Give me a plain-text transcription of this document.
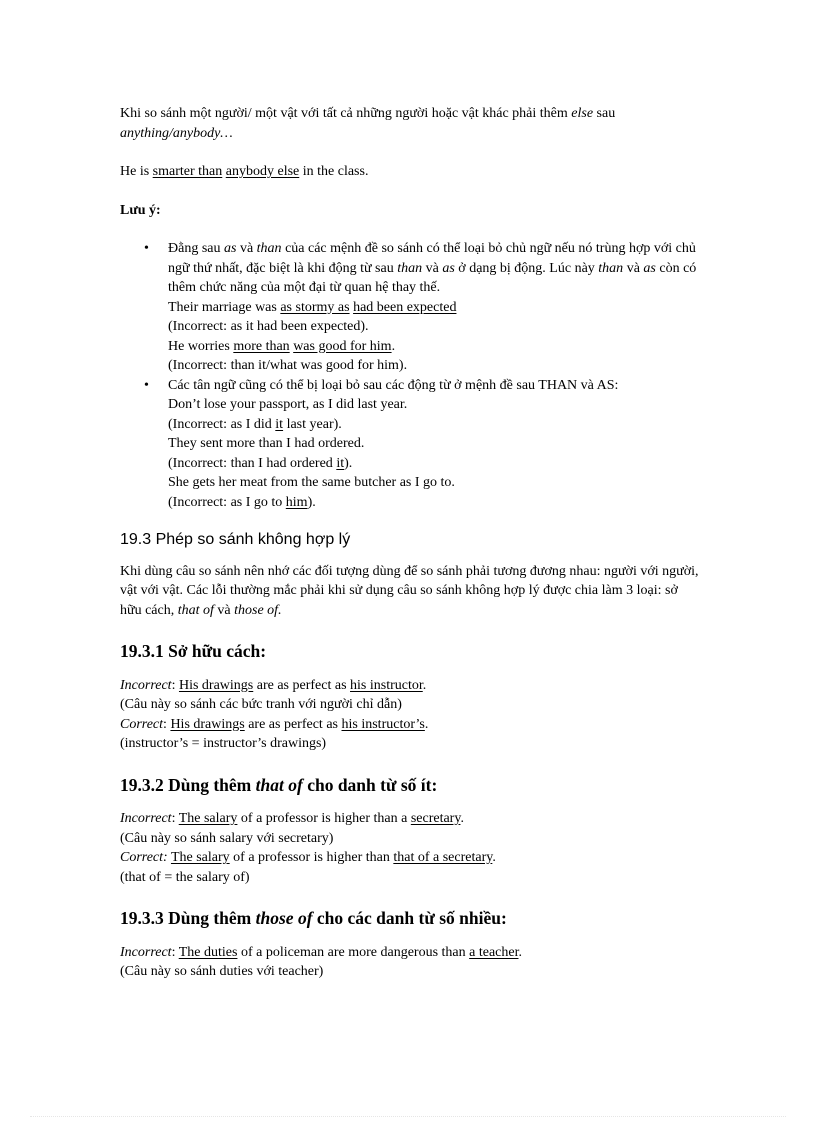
Khi so sánh một người/ một vật với tất cả những người hoặc vật khác phải thêm else sau
anything/anybody…

He is smarter than anybody else in the class.

Lưu ý:

• Đằng sau as và than của các mệnh đề so sánh có thể loại bỏ chủ ngữ nếu nó trùng hợp với chủ ngữ thứ nhất, đặc biệt là khi động từ sau than và as ở dạng bị động. Lúc này than và as còn có thêm chức năng của một đại từ quan hệ thay thế.
Their marriage was as stormy as had been expected
(Incorrect: as it had been expected).
He worries more than was good for him.
(Incorrect: than it/what was good for him).
• Các tân ngữ cũng có thể bị loại bỏ sau các động từ ở mệnh đề sau THAN và AS:
Don’t lose your passport, as I did last year.
(Incorrect: as I did it last year).
They sent more than I had ordered.
(Incorrect: than I had ordered it).
She gets her meat from the same butcher as I go to.
(Incorrect: as I go to him).
19.3 Phép so sánh không hợp lý

Khi dùng câu so sánh nên nhớ các đối tượng dùng để so sánh phải tương đương nhau: người với người, vật với vật. Các lỗi thường mắc phải khi sử dụng câu so sánh không hợp lý được chia làm 3 loại: sở hữu cách, that of và those of.

19.3.1 Sở hữu cách:

Incorrect: His drawings are as perfect as his instructor.
(Câu này so sánh các bức tranh với người chỉ dẫn)
Correct: His drawings are as perfect as his instructor’s.
(instructor’s = instructor’s drawings)

19.3.2 Dùng thêm that of cho danh từ số ít:

Incorrect: The salary of a professor is higher than a secretary.
(Câu này so sánh salary với secretary)
Correct: The salary of a professor is higher than that of a secretary.
(that of = the salary of)

19.3.3 Dùng thêm those of cho các danh từ số nhiều:

Incorrect: The duties of a policeman are more dangerous than a teacher.
(Câu này so sánh duties với teacher)
